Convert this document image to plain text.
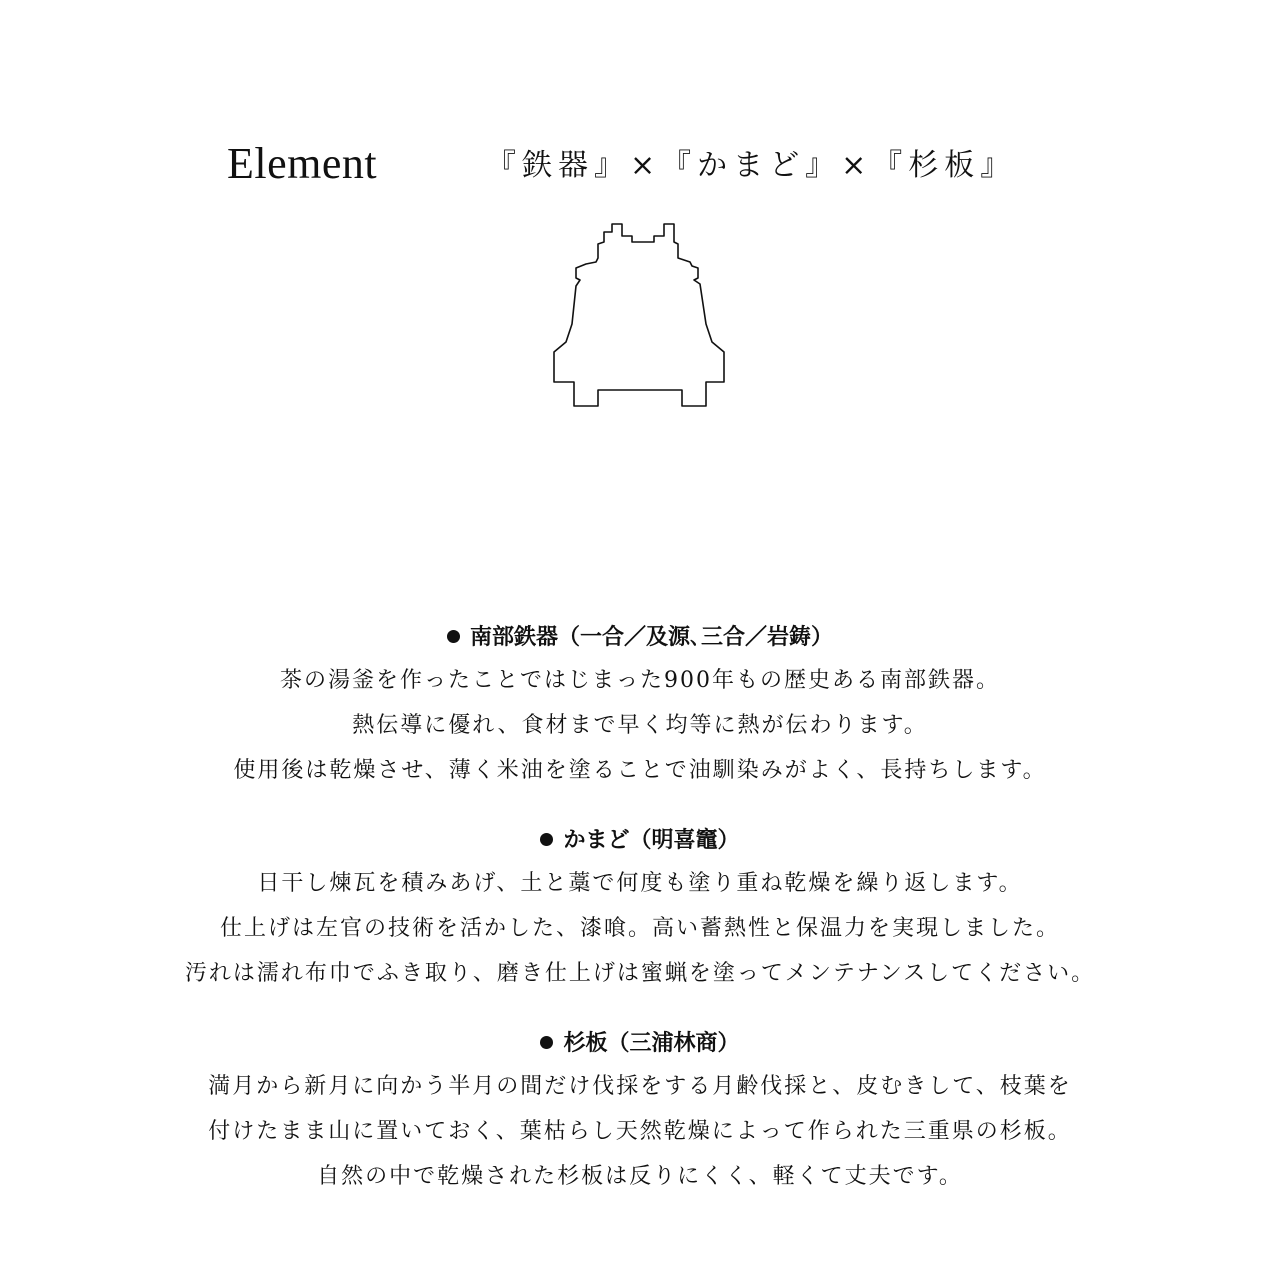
Element	『鉄器』×『かまど』×『杉板』
南部鉄器（一合／及源､三合／岩鋳）
茶の湯釜を作ったことではじまった900年もの歴史ある南部鉄器。
熱伝導に優れ、食材まで早く均等に熱が伝わります。
使用後は乾燥させ、薄く米油を塗ることで油馴染みがよく、長持ちします。
かまど（明喜竈）
日干し煉瓦を積みあげ、土と藁で何度も塗り重ね乾燥を繰り返します。
仕上げは左官の技術を活かした、漆喰。高い蓄熱性と保温力を実現しました。
汚れは濡れ布巾でふき取り、磨き仕上げは蜜蝋を塗ってメンテナンスしてください。
杉板（三浦林商）
満月から新月に向かう半月の間だけ伐採をする月齢伐採と、皮むきして、枝葉を
付けたまま山に置いておく、葉枯らし天然乾燥によって作られた三重県の杉板。
自然の中で乾燥された杉板は反りにくく、軽くて丈夫です。
